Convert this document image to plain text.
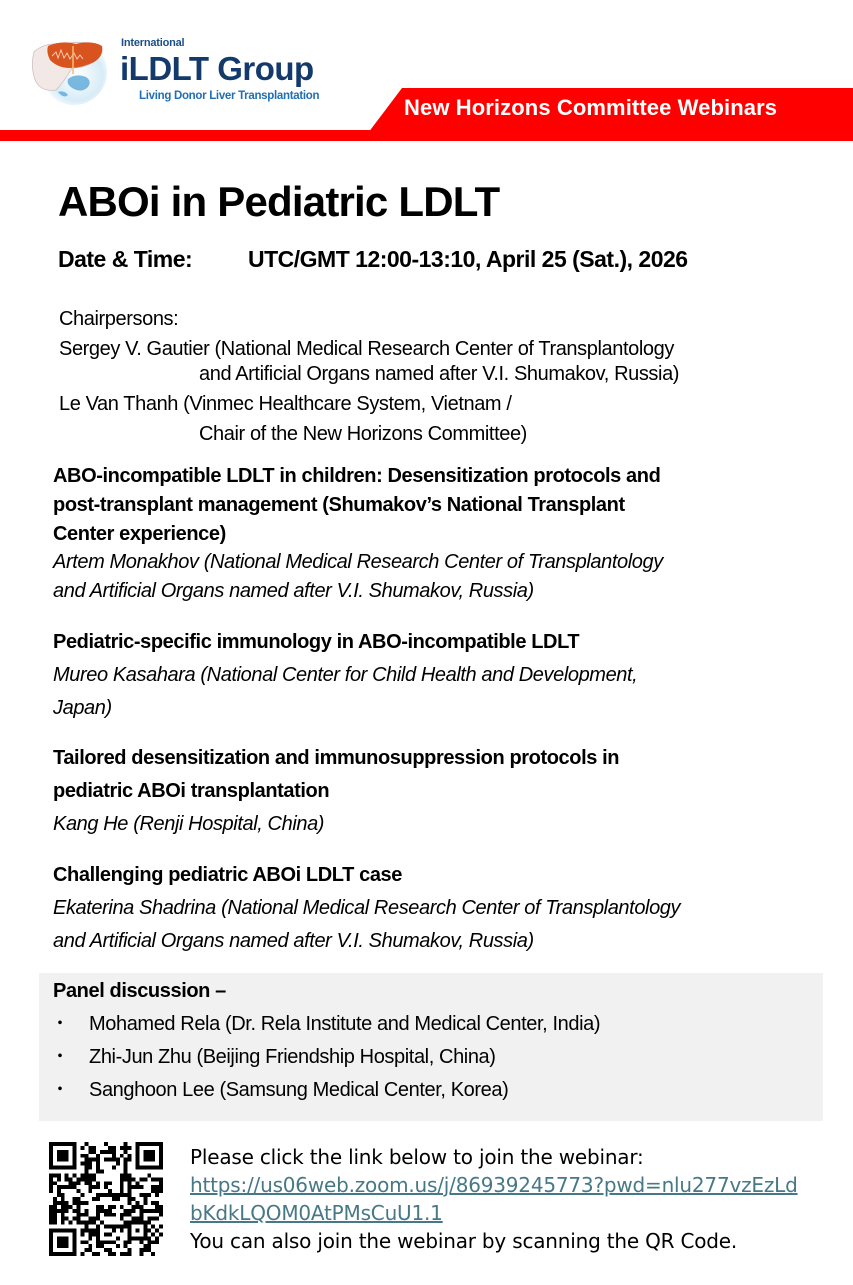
International
iLDLT Group
Living Donor Liver Transplantation	New Horizons Committee Webinars
ABOi in Pediatric LDLT
Date & Time: UTC/GMT 12:00-13:10, April 25 (Sat.), 2026
Chairpersons:
Sergey V. Gautier (National Medical Research Center of Transplantology
and Artificial Organs named after V.I. Shumakov, Russia)
Le Van Thanh (Vinmec Healthcare System, Vietnam /
Chair of the New Horizons Committee)
ABO-incompatible LDLT in children: Desensitization protocols and
post-transplant management (Shumakov’s National Transplant
Center experience)
Artem Monakhov (National Medical Research Center of Transplantology
and Artificial Organs named after V.I. Shumakov, Russia)
Pediatric-specific immunology in ABO-incompatible LDLT
Mureo Kasahara (National Center for Child Health and Development,
Japan)
Tailored desensitization and immunosuppression protocols in
pediatric ABOi transplantation
Kang He (Renji Hospital, China)
Challenging pediatric ABOi LDLT case
Ekaterina Shadrina (National Medical Research Center of Transplantology
and Artificial Organs named after V.I. Shumakov, Russia)
Panel discussion –
・ Mohamed Rela (Dr. Rela Institute and Medical Center, India)
・ Zhi-Jun Zhu (Beijing Friendship Hospital, China)
・ Sanghoon Lee (Samsung Medical Center, Korea)
Please click the link below to join the webinar:
https://us06web.zoom.us/j/86939245773?pwd=nlu277vzEzLd
bKdkLQOM0AtPMsCuU1.1
You can also join the webinar by scanning the QR Code.
